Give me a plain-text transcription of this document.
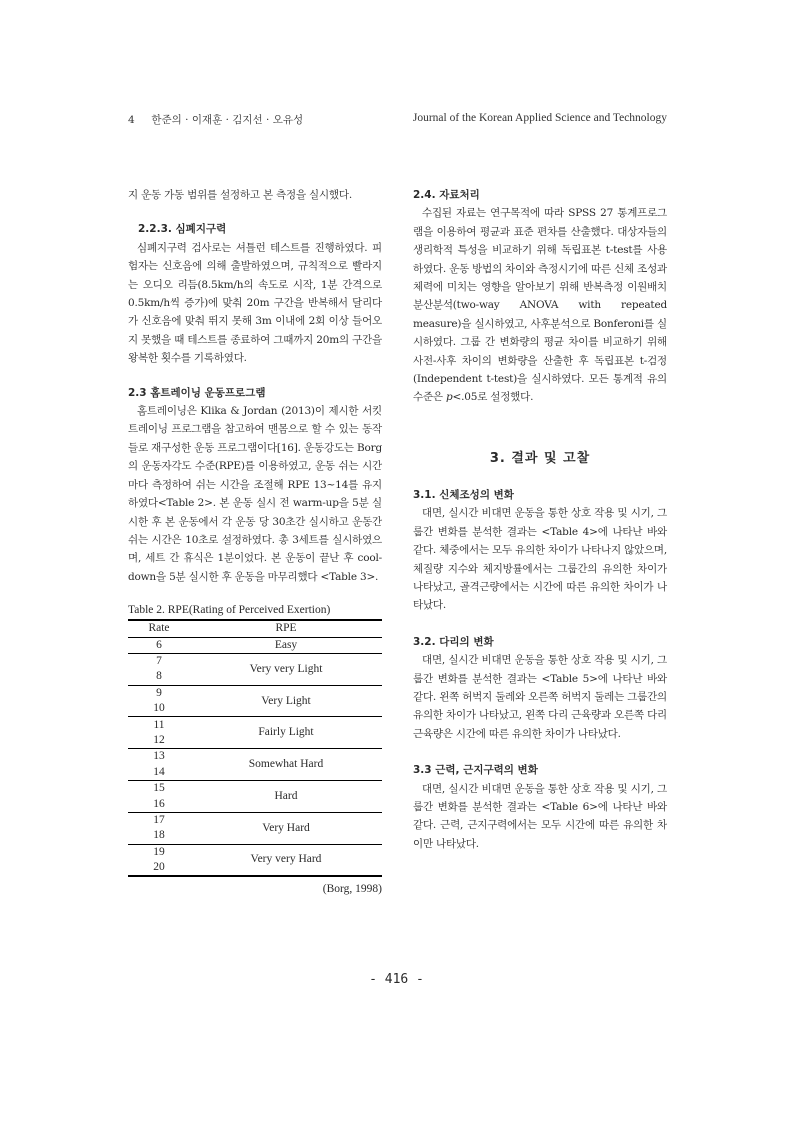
4 한준의 · 이재훈 · 김지선 · 오유성	Journal of the Korean Applied Science and Technology

지 운동 가동 범위를 설정하고 본 측정을 실시했다.

2.2.3. 심폐지구력

심폐지구력 검사로는 셔틀런 테스트를 진행하였다. 피험자는 신호음에 의해 출발하였으며, 규칙적으로 빨라지는 오디오 리듬(8.5km/h의 속도로 시작, 1분 간격으로 0.5km/h씩 증가)에 맞춰 20m 구간을 반복해서 달리다가 신호음에 맞춰 뛰지 못해 3m 이내에 2회 이상 들어오지 못했을 때 테스트를 종료하여 그때까지 20m의 구간을 왕복한 횟수를 기록하였다.

2.3 홈트레이닝 운동프로그램

홈트레이닝은 Klika & Jordan (2013)이 제시한 서킷트레이닝 프로그램을 참고하여 맨몸으로 할 수 있는 동작들로 재구성한 운동 프로그램이다[16]. 운동강도는 Borg의 운동자각도 수준(RPE)를 이용하였고, 운동 쉬는 시간마다 측정하여 쉬는 시간을 조절해 RPE 13~14를 유지하였다<Table 2>. 본 운동 실시 전 warm-up을 5분 실시한 후 본 운동에서 각 운동 당 30초간 실시하고 운동간 쉬는 시간은 10초로 설정하였다. 총 3세트를 실시하였으며, 세트 간 휴식은 1분이었다. 본 운동이 끝난 후 cool- down을 5분 실시한 후 운동을 마무리했다 <Table 3>.

Table 2. RPE(Rating of Perceived Exertion)

Rate	RPE
6	Easy
7	Very very Light
8	
9	Very Light
10	
11	Fairly Light
12	
13	Somewhat Hard
14	
15	Hard
16	
17	Very Hard
18	
19	Very very Hard
20	

(Borg, 1998)

2.4. 자료처리

수집된 자료는 연구목적에 따라 SPSS 27 통계프로그램을 이용하여 평균과 표준 편차를 산출했다. 대상자들의 생리학적 특성을 비교하기 위해 독립표본 t-test를 사용하였다. 운동 방법의 차이와 측정시기에 따른 신체 조성과 체력에 미치는 영향을 알아보기 위해 반복측정 이원배치분산분석(two-way ANOVA with repeated measure)을 실시하였고, 사후분석으로 Bonferoni를 실시하였다. 그룹 간 변화량의 평균 차이를 비교하기 위해 사전-사후 차이의 변화량을 산출한 후 독립표본 t-검정 (Independent t-test)을 실시하였다. 모든 통계적 유의수준은 p<.05로 설정했다.

3. 결과 및 고찰

3.1. 신체조성의 변화

대면, 실시간 비대면 운동을 통한 상호 작용 및 시기, 그룹간 변화를 분석한 결과는 <Table 4>에 나타난 바와 같다. 체중에서는 모두 유의한 차이가 나타나지 않았으며, 체질량 지수와 체지방률에서는 그룹간의 유의한 차이가 나타났고, 골격근량에서는 시간에 따른 유의한 차이가 나타났다.

3.2. 다리의 변화

대면, 실시간 비대면 운동을 통한 상호 작용 및 시기, 그룹간 변화를 분석한 결과는 <Table 5>에 나타난 바와 같다. 왼쪽 허벅지 둘레와 오른쪽 허벅지 둘레는 그룹간의 유의한 차이가 나타났고, 왼쪽 다리 근육량과 오른쪽 다리 근육량은 시간에 따른 유의한 차이가 나타났다.

3.3 근력, 근지구력의 변화

대면, 실시간 비대면 운동을 통한 상호 작용 및 시기, 그룹간 변화를 분석한 결과는 <Table 6>에 나타난 바와 같다. 근력, 근지구력에서는 모두 시간에 따른 유의한 차이만 나타났다.

- 416 -
